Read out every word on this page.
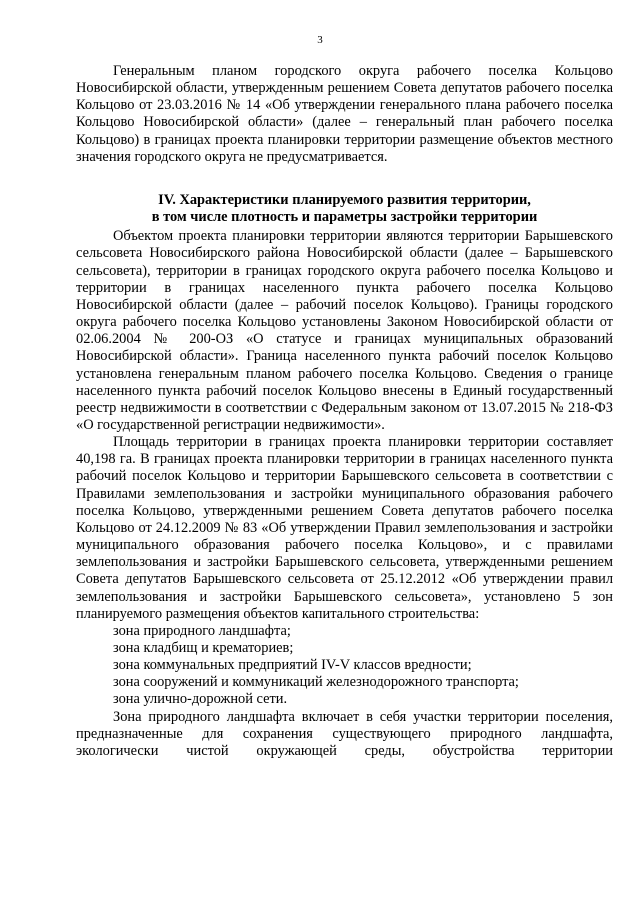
3

Генеральным планом городского округа рабочего поселка Кольцово Новосибирской области, утвержденным решением Совета депутатов рабочего поселка Кольцово от 23.03.2016 № 14 «Об утверждении генерального плана рабочего поселка Кольцово Новосибирской области» (далее – генеральный план рабочего поселка Кольцово) в границах проекта планировки территории размещение объектов местного значения городского округа не предусматривается.

IV. Характеристики планируемого развития территории,
в том числе плотность и параметры застройки территории

Объектом проекта планировки территории являются территории Барышевского сельсовета Новосибирского района Новосибирской области (далее – Барышевского сельсовета), территории в границах городского округа рабочего поселка Кольцово и территории в границах населенного пункта рабочего поселка Кольцово Новосибирской области (далее – рабочий поселок Кольцово). Границы городского округа рабочего поселка Кольцово установлены Законом Новосибирской области от 02.06.2004 № 200-ОЗ «О статусе и границах муниципальных образований Новосибирской области». Граница населенного пункта рабочий поселок Кольцово установлена генеральным планом рабочего поселка Кольцово. Сведения о границе населенного пункта рабочий поселок Кольцово внесены в Единый государственный реестр недвижимости в соответствии с Федеральным законом от 13.07.2015 № 218-ФЗ «О государственной регистрации недвижимости».

Площадь территории в границах проекта планировки территории составляет 40,198 га. В границах проекта планировки территории в границах населенного пункта рабочий поселок Кольцово и территории Барышевского сельсовета в соответствии с Правилами землепользования и застройки муниципального образования рабочего поселка Кольцово, утвержденными решением Совета депутатов рабочего поселка Кольцово от 24.12.2009 № 83 «Об утверждении Правил землепользования и застройки муниципального образования рабочего поселка Кольцово», и с правилами землепользования и застройки Барышевского сельсовета, утвержденными решением Совета депутатов Барышевского сельсовета от 25.12.2012 «Об утверждении правил землепользования и застройки Барышевского сельсовета», установлено 5 зон планируемого размещения объектов капитального строительства:

зона природного ландшафта;
зона кладбищ и крематориев;
зона коммунальных предприятий IV-V классов вредности;
зона сооружений и коммуникаций железнодорожного транспорта;
зона улично-дорожной сети.

Зона природного ландшафта включает в себя участки территории поселения, предназначенные для сохранения существующего природного ландшафта, экологически чистой окружающей среды, обустройства территории
